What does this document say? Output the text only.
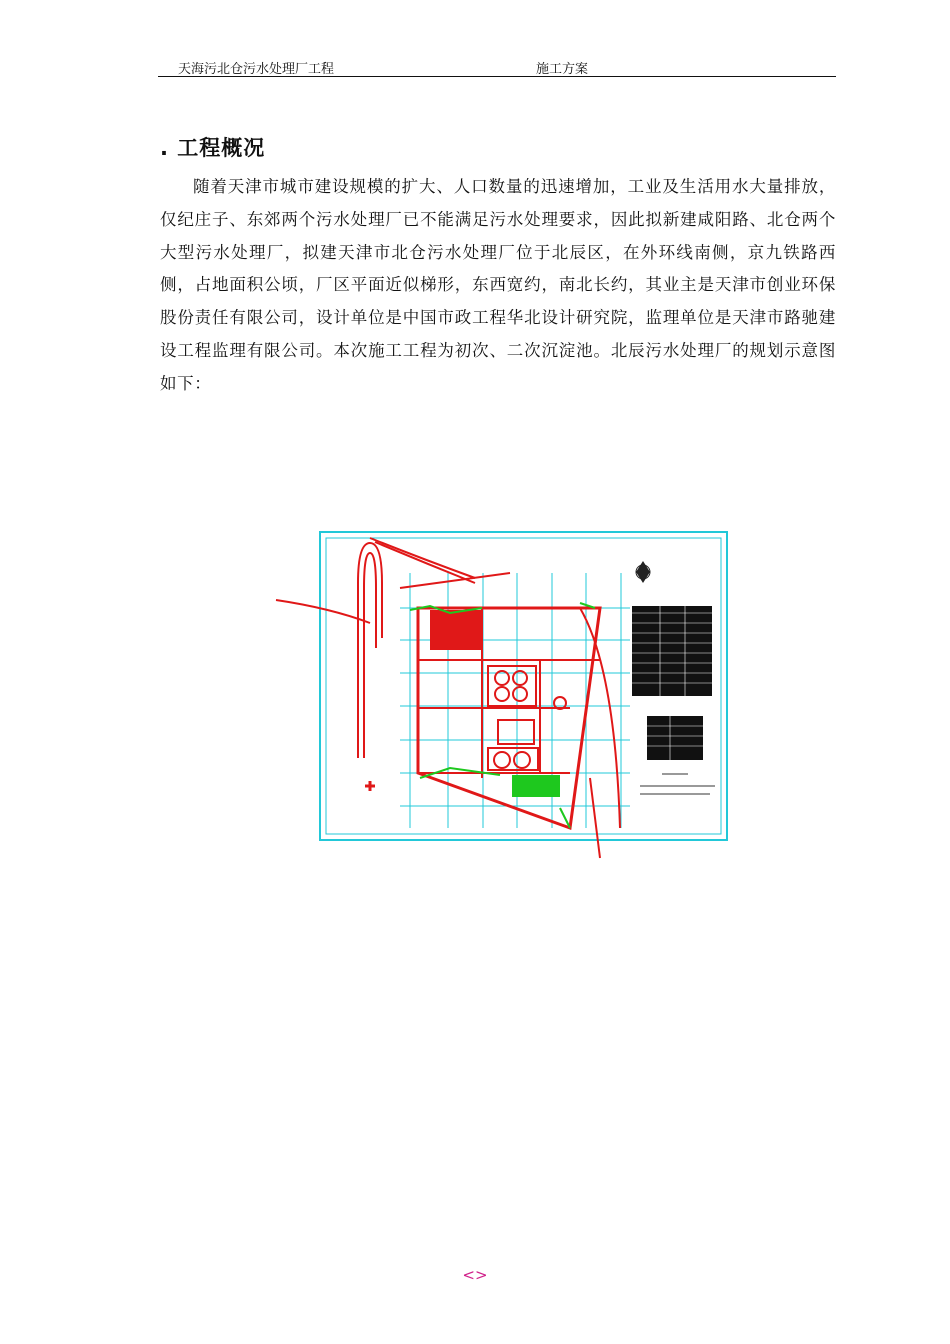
天海污北仓污水处理厂工程	施工方案
. 工程概况
随着天津市城市建设规模的扩大、人口数量的迅速增加，工业及生活用水大量排放，仅纪庄子、东郊两个污水处理厂已不能满足污水处理要求，因此拟新建咸阳路、北仓两个大型污水处理厂，拟建天津市北仓污水处理厂位于北辰区，在外环线南侧，京九铁路西侧，占地面积公顷，厂区平面近似梯形，东西宽约，南北长约，其业主是天津市创业环保股份责任有限公司，设计单位是中国市政工程华北设计研究院，监理单位是天津市路驰建设工程监理有限公司。本次施工工程为初次、二次沉淀池。北辰污水处理厂的规划示意图如下：
<>
